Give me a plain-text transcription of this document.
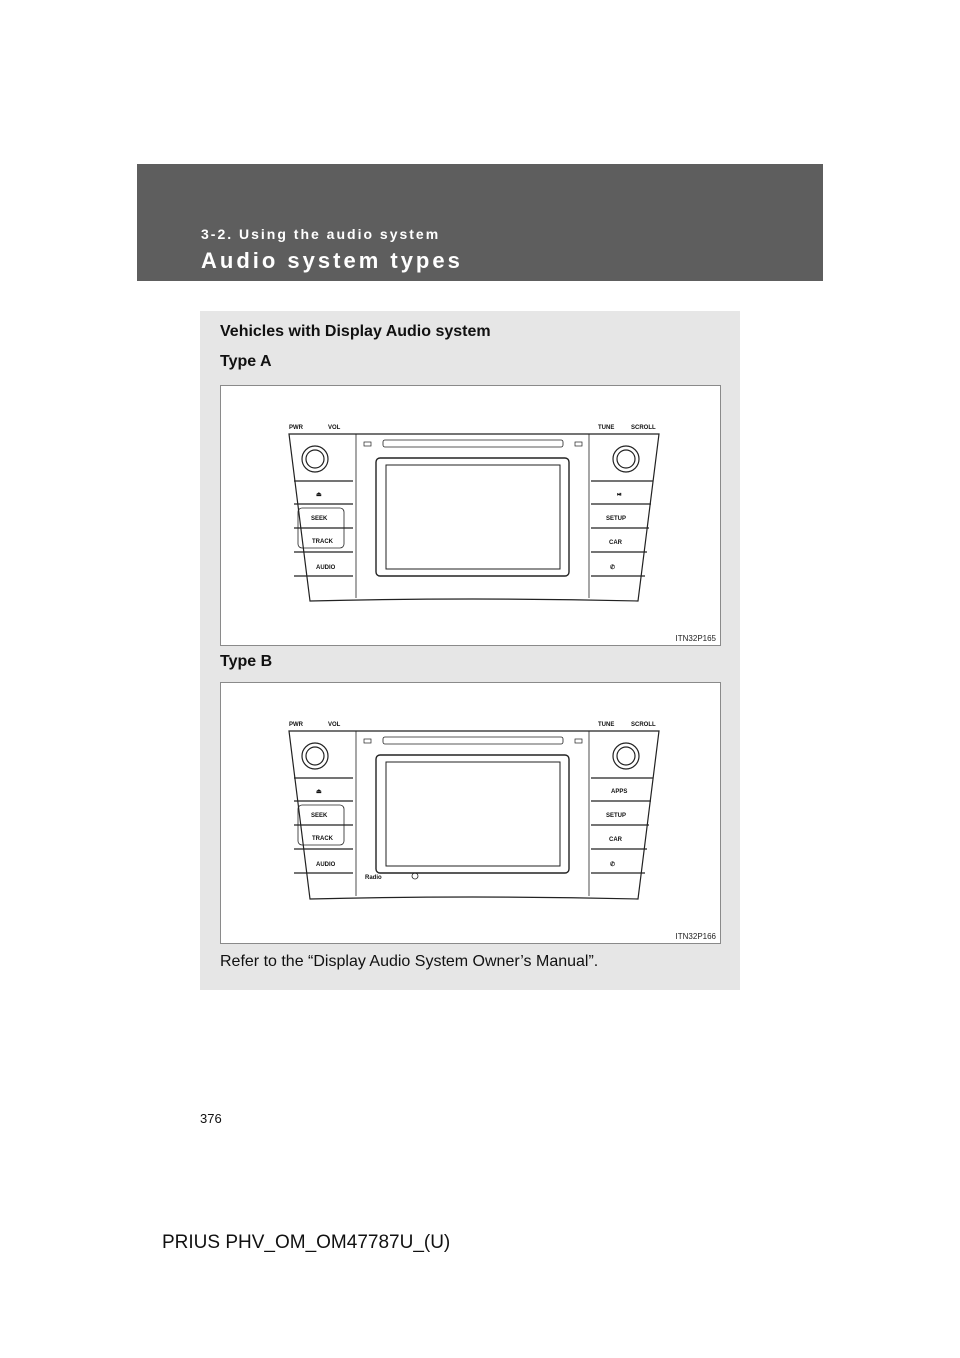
3-2. Using the audio system
Audio system types
Vehicles with Display Audio system
Type A
PWR	VOL	TUNE	SCROLL
⏏
SEEK
TRACK
AUDIO
⏯
SETUP
CAR
✆
ITN32P165
Type B
PWR	VOL	TUNE	SCROLL
⏏
SEEK
TRACK
AUDIO
APPS
SETUP
CAR
✆
Radio
ITN32P166
Refer to the “Display Audio System Owner’s Manual”.
376
PRIUS PHV_OM_OM47787U_(U)
